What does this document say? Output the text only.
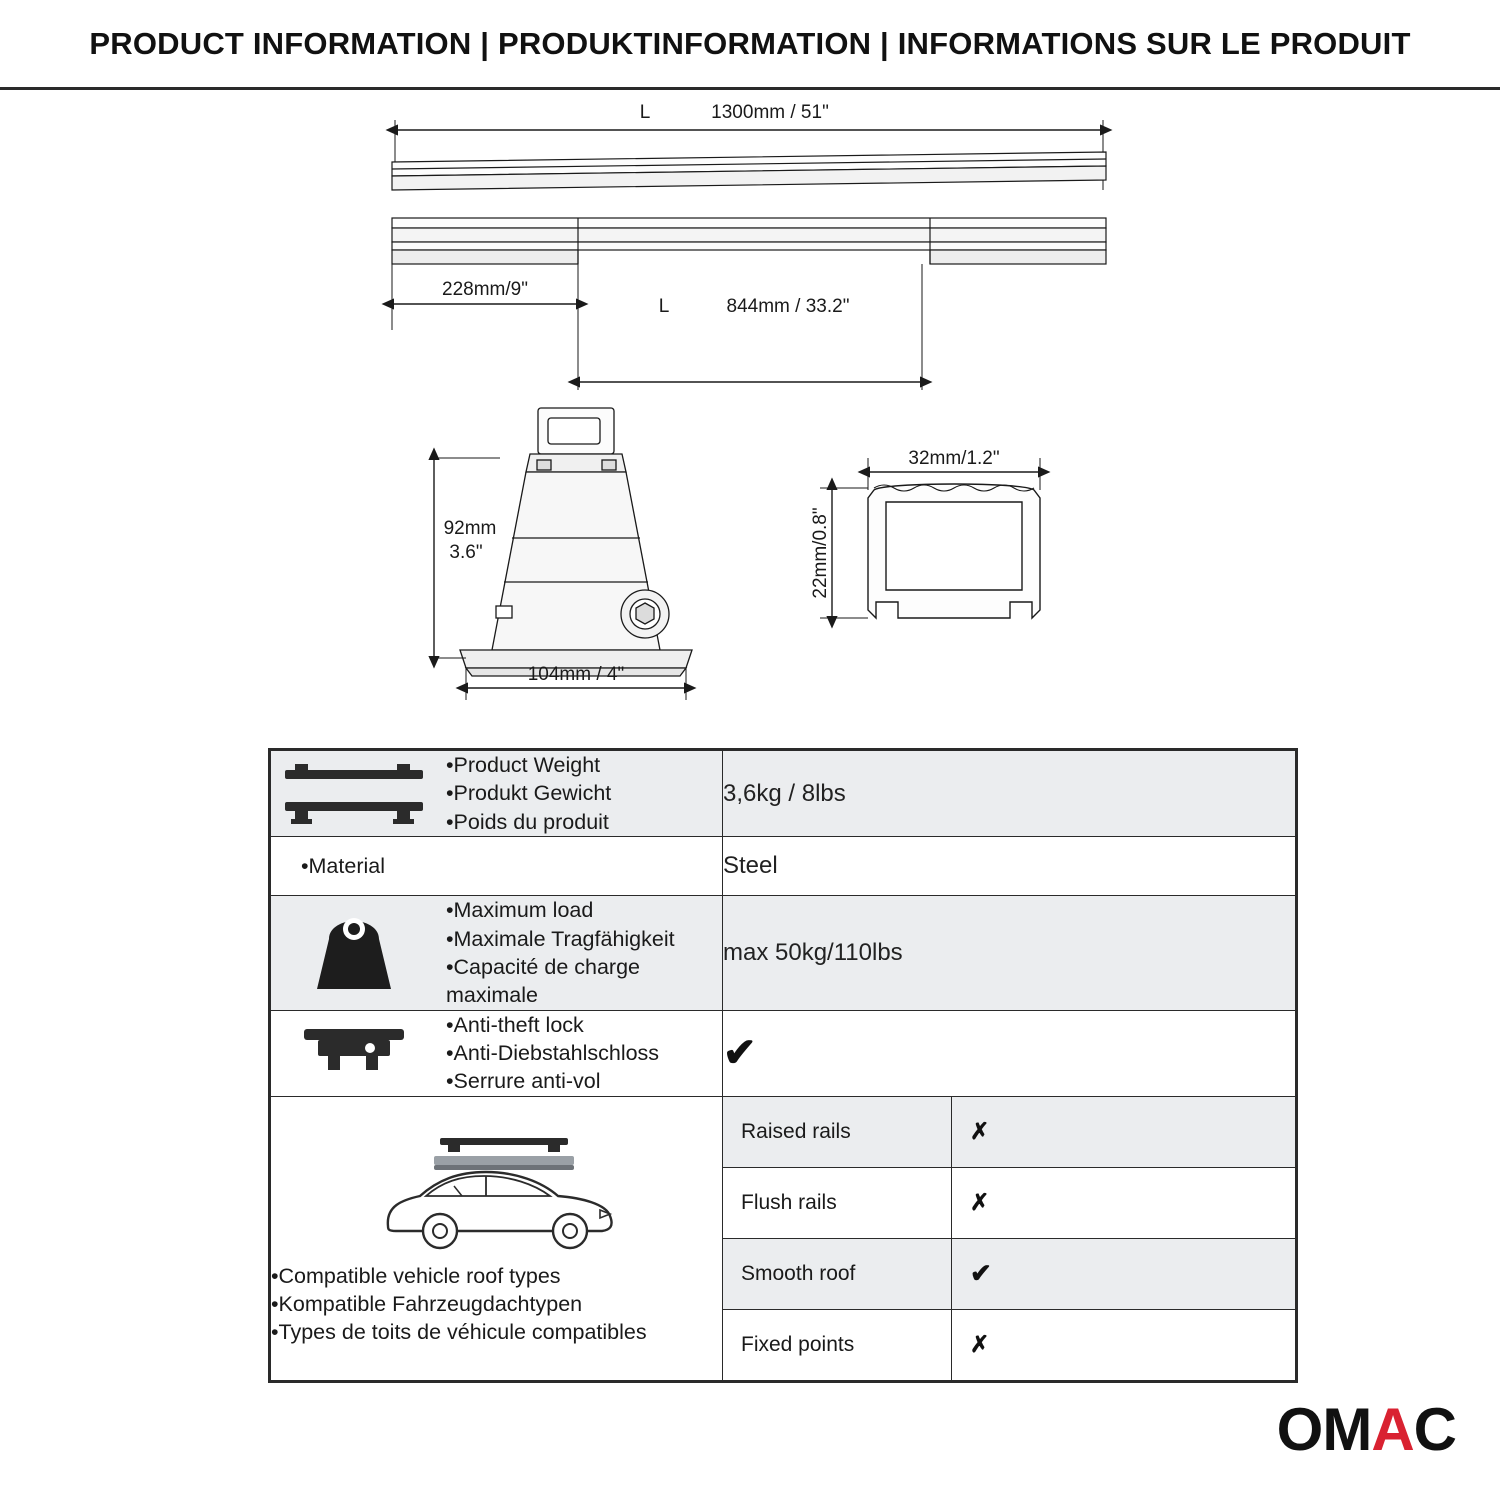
PRODUCT INFORMATION | PRODUKTINFORMATION | INFORMATIONS SUR LE PRODUIT
L	1300mm / 51"
228mm/9"
L	844mm / 33.2"
92mm
3.6"
104mm / 4"
32mm/1.2"
22mm/0.8"
•Product Weight
•Produkt Gewicht
•Poids du produit
	3,6kg / 8lbs

•Material	Steel

•Maximum load
•Maximale Tragfähigkeit
•Capacité de charge maximale
	max 50kg/110lbs

•Anti-theft lock
•Anti-Diebstahlschloss
•Serrure anti-vol
	✔

•Compatible vehicle roof types
•Kompatible Fahrzeugdachtypen
•Types de toits de véhicule compatibles

Raised rails	✗
Flush rails	✗
Smooth roof	✔
Fixed points	✗
O M A C
